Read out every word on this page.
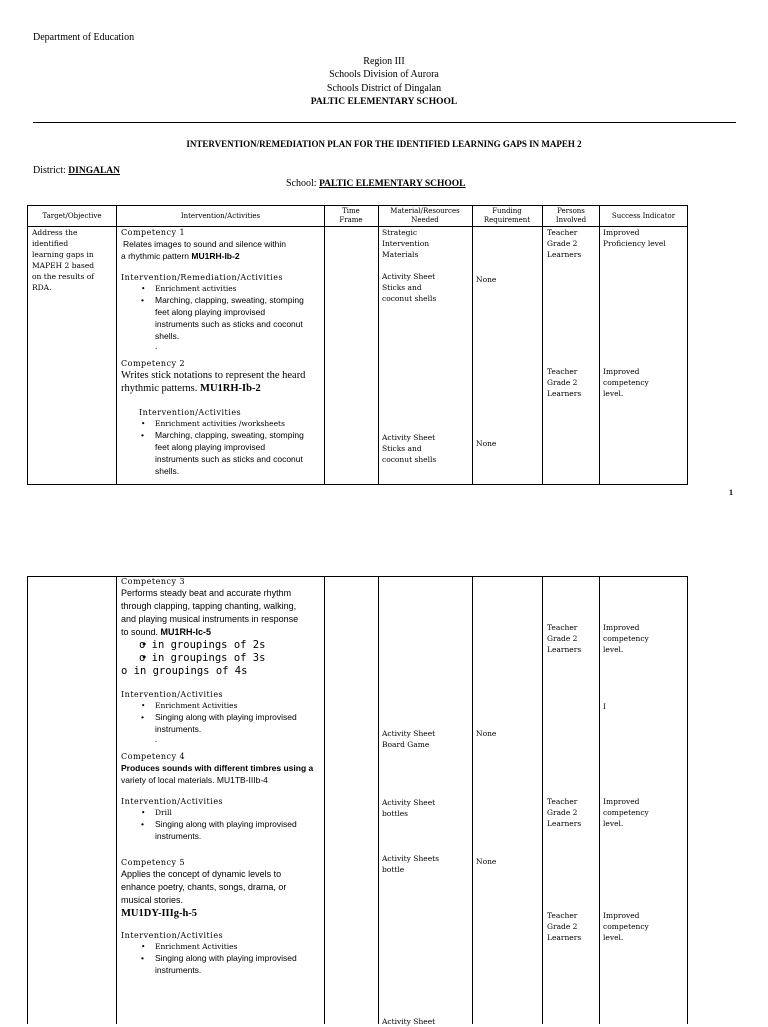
Department of Education
Region III
Schools Division of Aurora
Schools District of Dingalan
PALTIC ELEMENTARY SCHOOL
INTERVENTION/REMEDIATION PLAN FOR THE IDENTIFIED LEARNING GAPS IN MAPEH 2
District: DINGALAN
School: PALTIC ELEMENTARY SCHOOL
Target/Objective	Intervention/Activities
Time Frame
Material/Resources Needed
Funding Requirement
Persons Involved	Success Indicator
Address the
identified
learning gaps in
MAPEH 2 based
on the results of
RDA.
Competency 1
Relates images to sound and silence within
a rhythmic pattern MU1RH-Ib-2
Intervention/Remediation/Activities
• Enrichment activities
• Marching, clapping, sweating, stomping
feet along playing improvised
instruments such as sticks and coconut
shells.
.
Competency 2
Writes stick notations to represent the heard
rhythmic patterns. MU1RH-Ib-2
Intervention/Activities
• Enrichment activities /worksheets
• Marching, clapping, sweating, stomping
feet along playing improvised
instruments such as sticks and coconut
shells.
Strategic
Intervention
Materials
Activity Sheet
Sticks and
coconut shells
None
Teacher
Grade 2
Learners
Improved
Proficiency level
Teacher
Grade 2
Learners
Improved
competency
level.
Activity Sheet
Sticks and
coconut shells
None
1
Competency 3
Performs steady beat and accurate rhythm
through clapping, tapping chanting, walking,
and playing musical instruments in response
to sound. MU1RH-Ic-5
• o in groupings of 2s
• o in groupings of 3s
o in groupings of 4s
Intervention/Activities
• Enrichment Activities
• Singing along with playing improvised
instruments.
.
Competency 4
Produces sounds with different timbres using a
variety of local materials. MU1TB-IIIb-4
Intervention/Activities
• Drill
• Singing along with playing improvised
instruments.
Competency 5
Applies the concept of dynamic levels to
enhance poetry, chants, songs, drama, or
musical stories.
MU1DY-IIIg-h-5
Intervention/Activities
• Enrichment Activities
• Singing along with playing improvised
instruments.
Teacher
Grade 2
Learners
Improved
competency
level.
I
Activity Sheet
Board Game
None
Activity Sheet
bottles
Teacher
Grade 2
Learners
Improved
competency
level.
Activity Sheets
bottle
None
Teacher
Grade 2
Learners
Improved
competency
level.
Activity Sheet
